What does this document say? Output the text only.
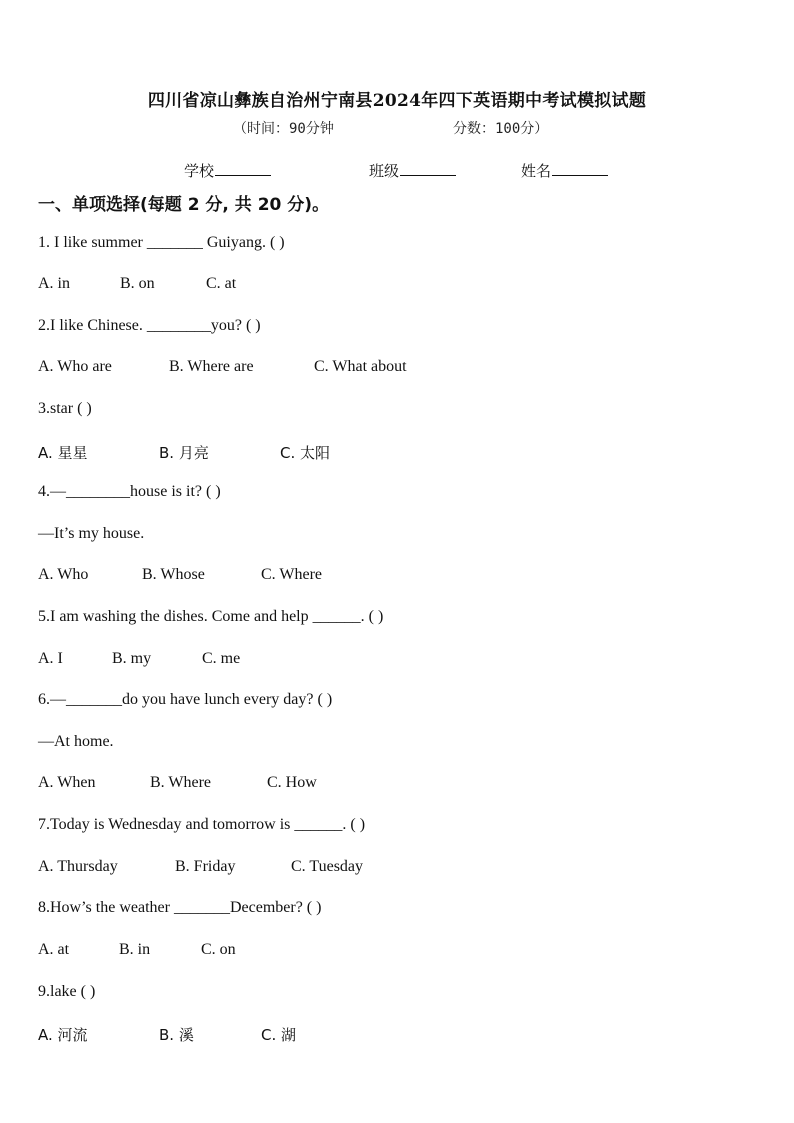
四川省凉山彝族自治州宁南县2024年四下英语期中考试模拟试题
（时间：90分钟	分数：100分）
学校	班级	姓名
一、单项选择(每题 2 分, 共 20 分)。
1. I like summer _______ Guiyang. ( )
A. in	B. on	C. at
2.I like Chinese. ________you? ( )
A. Who are	B. Where are	C. What about
3.star ( )
A. 星星	B. 月亮	C. 太阳
4.—________house is it? ( )
—It’s my house.
A. Who	B. Whose	C. Where
5.I am washing the dishes. Come and help ______. ( )
A. I	B. my	C. me
6.—_______do you have lunch every day? ( )
—At home.
A. When	B. Where	C. How
7.Today is Wednesday and tomorrow is ______. ( )
A. Thursday	B. Friday	C. Tuesday
8.How’s the weather _______December? ( )
A. at	B. in	C. on
9.lake ( )
A. 河流	B. 溪	C. 湖
